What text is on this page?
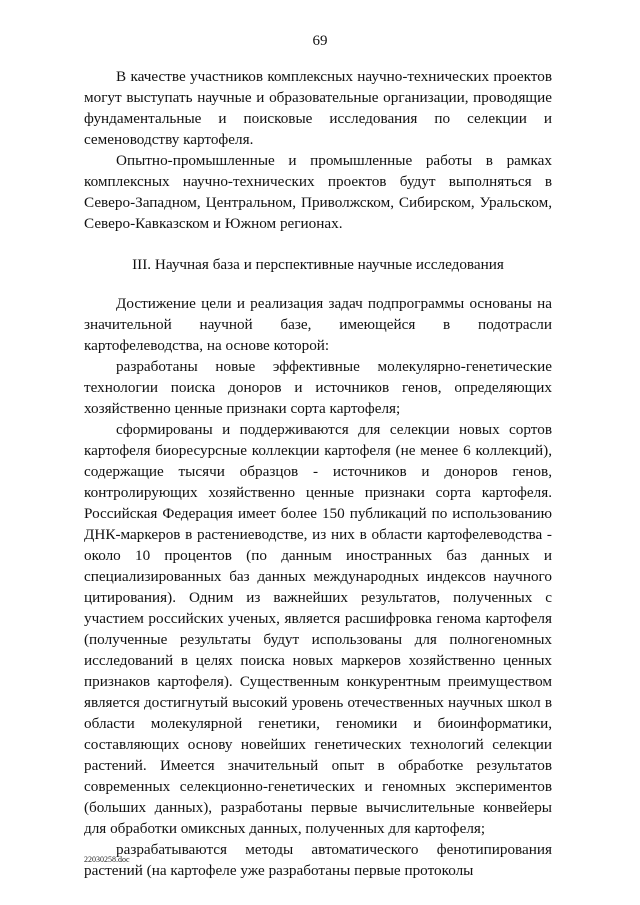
69

В качестве участников комплексных научно-технических проектов могут выступать научные и образовательные организации, проводящие фундаментальные и поисковые исследования по селекции и семеноводству картофеля.

Опытно-промышленные и промышленные работы в рамках комплексных научно-технических проектов будут выполняться в Северо-Западном, Центральном, Приволжском, Сибирском, Уральском, Северо-Кавказском и Южном регионах.

III. Научная база и перспективные научные исследования

Достижение цели и реализация задач подпрограммы основаны на значительной научной базе, имеющейся в подотрасли картофелеводства, на основе которой:

разработаны новые эффективные молекулярно-генетические технологии поиска доноров и источников генов, определяющих хозяйственно ценные признаки сорта картофеля;

сформированы и поддерживаются для селекции новых сортов картофеля биоресурсные коллекции картофеля (не менее 6 коллекций), содержащие тысячи образцов - источников и доноров генов, контролирующих хозяйственно ценные признаки сорта картофеля. Российская Федерация имеет более 150 публикаций по использованию ДНК-маркеров в растениеводстве, из них в области картофелеводства - около 10 процентов (по данным иностранных баз данных и специализированных баз данных международных индексов научного цитирования). Одним из важнейших результатов, полученных с участием российских ученых, является расшифровка генома картофеля (полученные результаты будут использованы для полногеномных исследований в целях поиска новых маркеров хозяйственно ценных признаков картофеля). Существенным конкурентным преимуществом является достигнутый высокий уровень отечественных научных школ в области молекулярной генетики, геномики и биоинформатики, составляющих основу новейших генетических технологий селекции растений. Имеется значительный опыт в обработке результатов современных селекционно-генетических и геномных экспериментов (больших данных), разработаны первые вычислительные конвейеры для обработки омиксных данных, полученных для картофеля;

разрабатываются методы автоматического фенотипирования растений (на картофеле уже разработаны первые протоколы

22030258.doc
